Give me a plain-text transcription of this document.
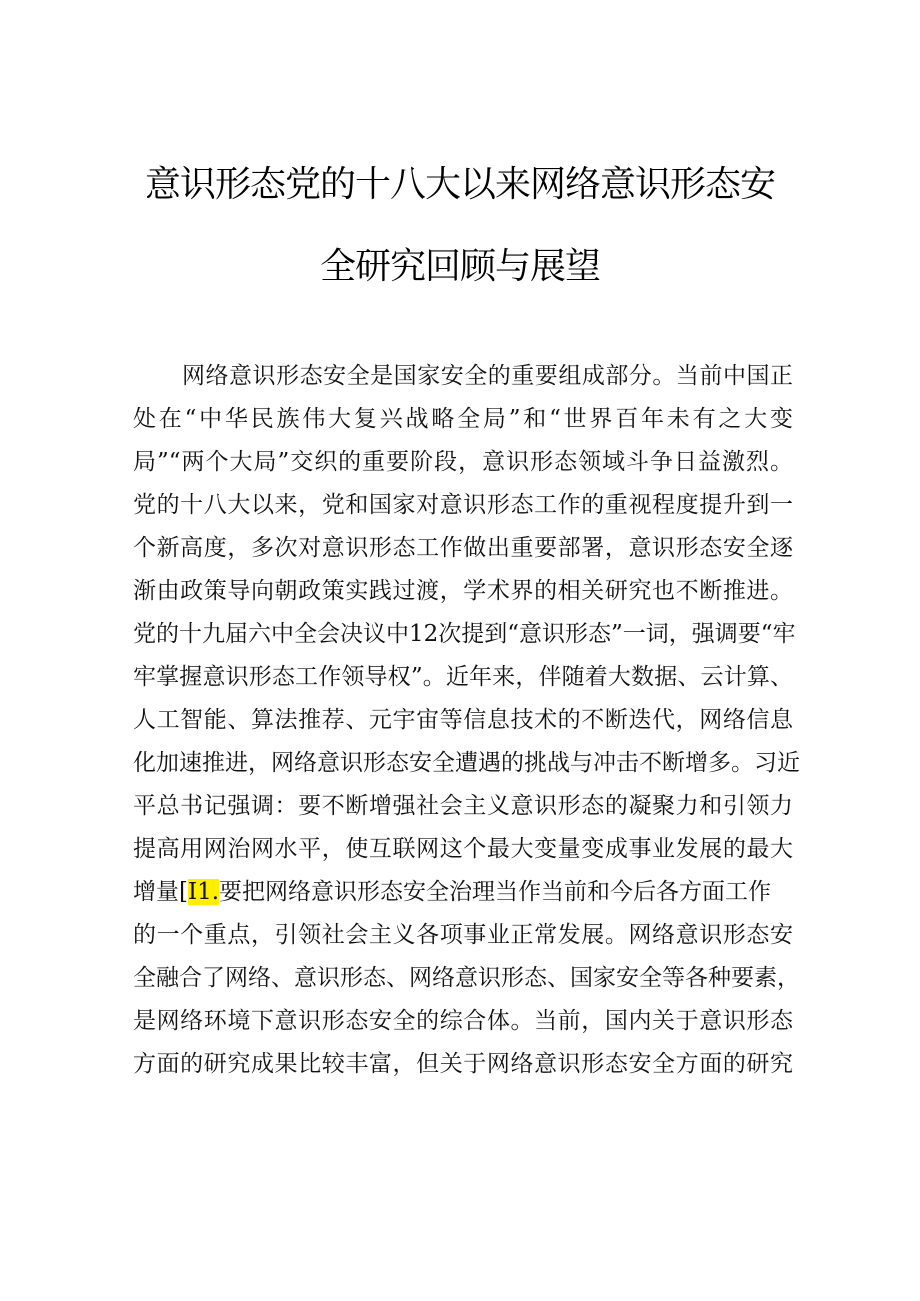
意识形态党的十八大以来网络意识形态安
全研究回顾与展望
网络意识形态安全是国家安全的重要组成部分。当前中国正
处在“中华民族伟大复兴战略全局”和“世界百年未有之大变
局”“两个大局”交织的重要阶段，意识形态领域斗争日益激烈。
党的十八大以来，党和国家对意识形态工作的重视程度提升到一
个新高度，多次对意识形态工作做出重要部署，意识形态安全逐
渐由政策导向朝政策实践过渡，学术界的相关研究也不断推进。
党的十九届六中全会决议中12次提到“意识形态”一词，强调要“牢
牢掌握意识形态工作领导权”。近年来，伴随着大数据、云计算、
人工智能、算法推荐、元宇宙等信息技术的不断迭代，网络信息
化加速推进，网络意识形态安全遭遇的挑战与冲击不断增多。习近
平总书记强调：要不断增强社会主义意识形态的凝聚力和引领力
提高用网治网水平，使互联网这个最大变量变成事业发展的最大
增量[I1.要把网络意识形态安全治理当作当前和今后各方面工作
的一个重点，引领社会主义各项事业正常发展。网络意识形态安
全融合了网络、意识形态、网络意识形态、国家安全等各种要素，
是网络环境下意识形态安全的综合体。当前，国内关于意识形态
方面的研究成果比较丰富，但关于网络意识形态安全方面的研究
